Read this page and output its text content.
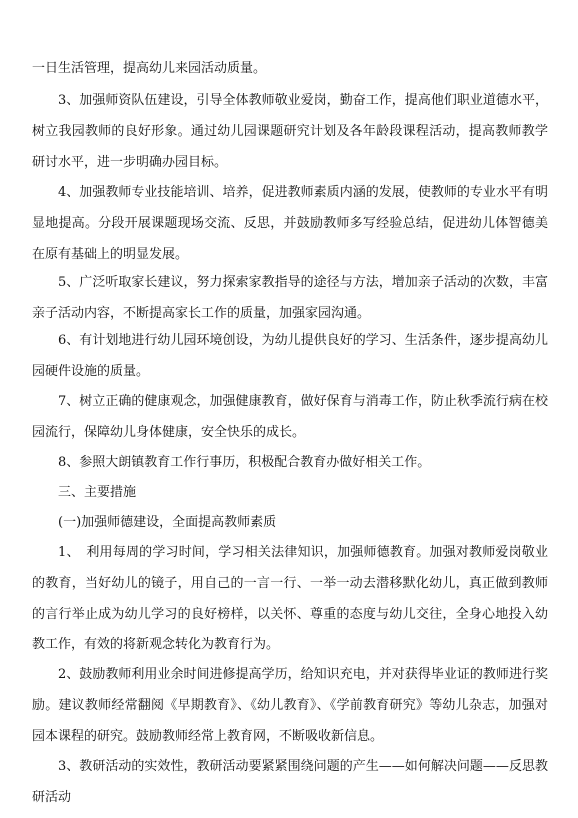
一日生活管理，提高幼儿来园活动质量。

3、加强师资队伍建设，引导全体教师敬业爱岗，勤奋工作，提高他们职业道德水平，树立我园教师的良好形象。通过幼儿园课题研究计划及各年龄段课程活动，提高教师教学研讨水平，进一步明确办园目标。

4、加强教师专业技能培训、培养，促进教师素质内涵的发展，使教师的专业水平有明显地提高。分段开展课题现场交流、反思，并鼓励教师多写经验总结，促进幼儿体智德美在原有基础上的明显发展。

5、广泛听取家长建议，努力探索家教指导的途径与方法，增加亲子活动的次数，丰富亲子活动内容，不断提高家长工作的质量，加强家园沟通。

6、有计划地进行幼儿园环境创设，为幼儿提供良好的学习、生活条件，逐步提高幼儿园硬件设施的质量。

7、树立正确的健康观念，加强健康教育，做好保育与消毒工作，防止秋季流行病在校园流行，保障幼儿身体健康，安全快乐的成长。

8、参照大朗镇教育工作行事历，积极配合教育办做好相关工作。

三、主要措施

(一)加强师德建设，全面提高教师素质

1、　利用每周的学习时间，学习相关法律知识，加强师德教育。加强对教师爱岗敬业的教育，当好幼儿的镜子，用自己的一言一行、一举一动去潜移默化幼儿，真正做到教师的言行举止成为幼儿学习的良好榜样，以关怀、尊重的态度与幼儿交往，全身心地投入幼教工作，有效的将新观念转化为教育行为。

2、鼓励教师利用业余时间进修提高学历，给知识充电，并对获得毕业证的教师进行奖励。建议教师经常翻阅《早期教育》、《幼儿教育》、《学前教育研究》等幼儿杂志，加强对园本课程的研究。鼓励教师经常上教育网，不断吸收新信息。

3、教研活动的实效性，教研活动要紧紧围绕问题的产生——如何解决问题——反思教研活动
